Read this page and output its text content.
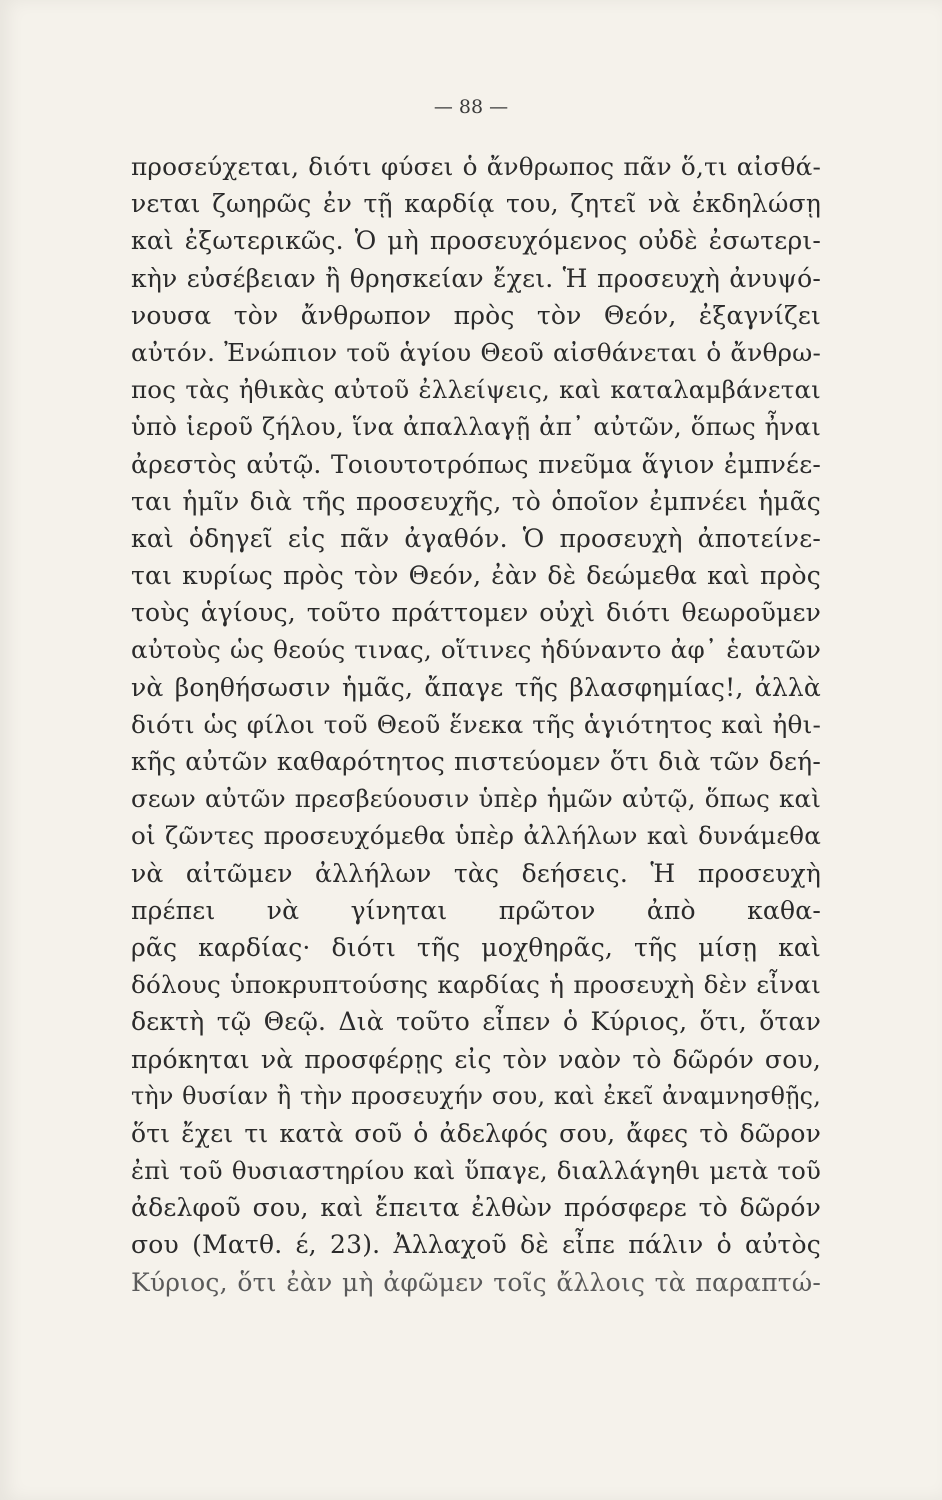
— 88 —
προσεύχεται, διότι φύσει ὁ ἄνθρωπος πᾶν ὅ,τι αἰσθά-
νεται ζωηρῶς ἐν τῇ καρδίᾳ του, ζητεῖ νὰ ἐκδηλώσῃ
καὶ ἐξωτερικῶς. Ὁ μὴ προσευχόμενος οὐδὲ ἐσωτερι-
κὴν εὐσέβειαν ἢ θρησκείαν ἔχει. Ἡ προσευχὴ ἀνυψό-
νουσα τὸν ἄνθρωπον πρὸς τὸν Θεόν, ἐξαγνίζει
αὐτόν. Ἐνώπιον τοῦ ἁγίου Θεοῦ αἰσθάνεται ὁ ἄνθρω-
πος τὰς ἠθικὰς αὐτοῦ ἐλλείψεις, καὶ καταλαμβάνεται
ὑπὸ ἱεροῦ ζήλου, ἵνα ἀπαλλαγῇ ἀπ᾽ αὐτῶν, ὅπως ἦναι
ἀρεστὸς αὐτῷ. Τοιουτοτρόπως πνεῦμα ἅγιον ἐμπνέε-
ται ἡμῖν διὰ τῆς προσευχῆς, τὸ ὁποῖον ἐμπνέει ἡμᾶς
καὶ ὁδηγεῖ εἰς πᾶν ἀγαθόν. Ὁ προσευχὴ ἀποτείνε-
ται κυρίως πρὸς τὸν Θεόν, ἐὰν δὲ δεώμεθα καὶ πρὸς
τοὺς ἁγίους, τοῦτο πράττομεν οὐχὶ διότι θεωροῦμεν
αὐτοὺς ὡς θεούς τινας, οἵτινες ἠδύναντο ἀφ᾽ ἑαυτῶν
νὰ βοηθήσωσιν ἡμᾶς, ἄπαγε τῆς βλασφημίας!, ἀλλὰ
διότι ὡς φίλοι τοῦ Θεοῦ ἕνεκα τῆς ἁγιότητος καὶ ἠθι-
κῆς αὐτῶν καθαρότητος πιστεύομεν ὅτι διὰ τῶν δεή-
σεων αὐτῶν πρεσβεύουσιν ὑπὲρ ἡμῶν αὐτῷ, ὅπως καὶ
οἱ ζῶντες προσευχόμεθα ὑπὲρ ἀλλήλων καὶ δυνάμεθα
νὰ αἰτῶμεν ἀλλήλων τὰς δεήσεις. Ἡ προσευχὴ
πρέπει νὰ γίνηται πρῶτον ἀπὸ καθα-
ρᾶς καρδίας· διότι τῆς μοχθηρᾶς, τῆς μίσῃ καὶ
δόλους ὑποκρυπτούσης καρδίας ἡ προσευχὴ δὲν εἶναι
δεκτὴ τῷ Θεῷ. Διὰ τοῦτο εἶπεν ὁ Κύριος, ὅτι, ὅταν
πρόκηται νὰ προσφέρῃς εἰς τὸν ναὸν τὸ δῶρόν σου,
τὴν θυσίαν ἢ τὴν προσευχήν σου, καὶ ἐκεῖ ἀναμνησθῇς,
ὅτι ἔχει τι κατὰ σοῦ ὁ ἀδελφός σου, ἄφες τὸ δῶρον
ἐπὶ τοῦ θυσιαστηρίου καὶ ὕπαγε, διαλλάγηθι μετὰ τοῦ
ἀδελφοῦ σου, καὶ ἔπειτα ἐλθὼν πρόσφερε τὸ δῶρόν
σου (Ματθ. έ, 23). Ἀλλαχοῦ δὲ εἶπε πάλιν ὁ αὐτὸς
Κύριος, ὅτι ἐὰν μὴ ἀφῶμεν τοῖς ἄλλοις τὰ παραπτώ-
